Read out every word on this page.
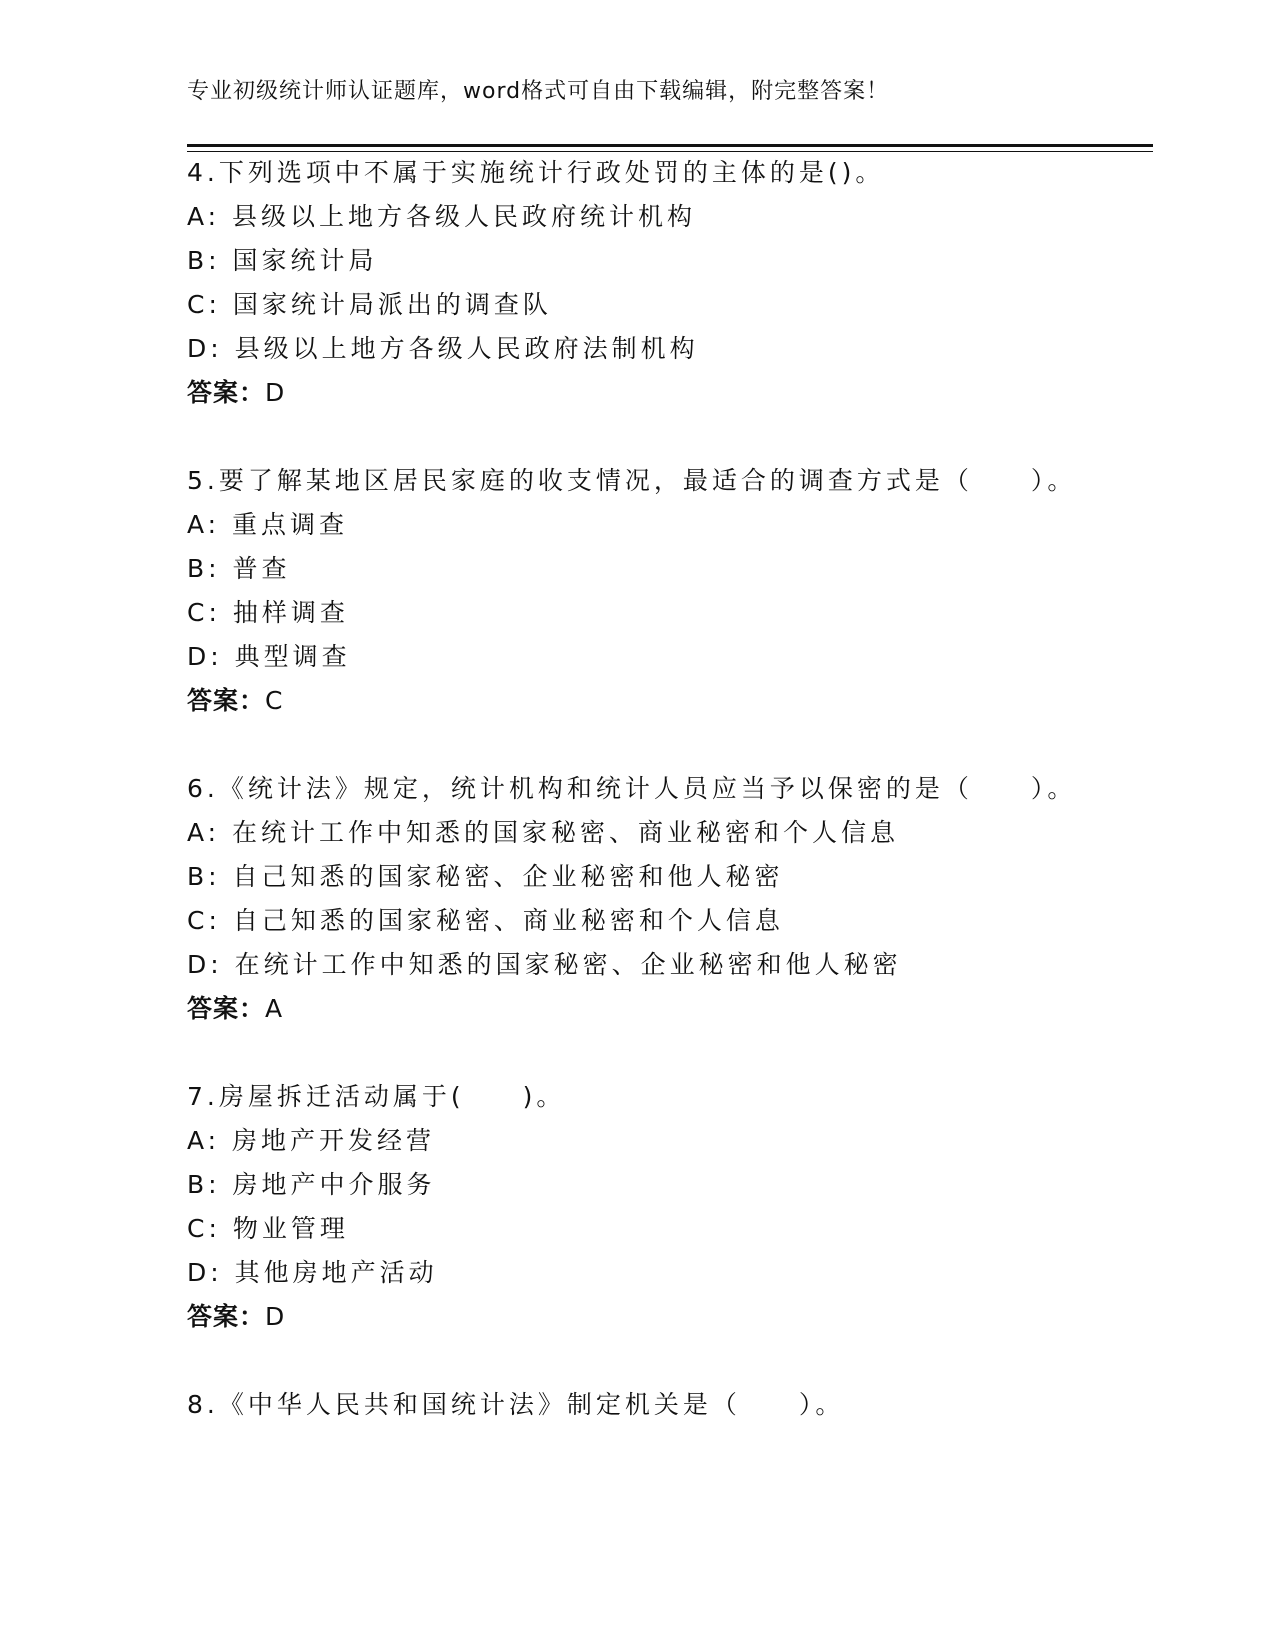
专业初级统计师认证题库，word格式可自由下载编辑，附完整答案！
4.下列选项中不属于实施统计行政处罚的主体的是()。
A: 县级以上地方各级人民政府统计机构
B: 国家统计局
C: 国家统计局派出的调查队
D: 县级以上地方各级人民政府法制机构
答案：D
5.要了解某地区居民家庭的收支情况，最适合的调查方式是（　　）。
A: 重点调查
B: 普查
C: 抽样调查
D: 典型调查
答案：C
6.《统计法》规定，统计机构和统计人员应当予以保密的是（　　）。
A: 在统计工作中知悉的国家秘密、商业秘密和个人信息
B: 自己知悉的国家秘密、企业秘密和他人秘密
C: 自己知悉的国家秘密、商业秘密和个人信息
D: 在统计工作中知悉的国家秘密、企业秘密和他人秘密
答案：A
7.房屋拆迁活动属于(　　)。
A: 房地产开发经营
B: 房地产中介服务
C: 物业管理
D: 其他房地产活动
答案：D
8.《中华人民共和国统计法》制定机关是（　　）。
